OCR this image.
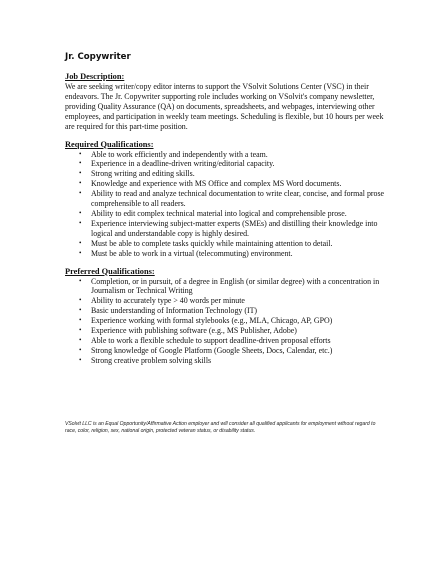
Jr. Copywriter
Job Description:

We are seeking writer/copy editor interns to support the VSolvit Solutions Center (VSC) in their endeavors. The Jr. Copywriter supporting role includes working on VSolvit's company newsletter, providing Quality Assurance (QA) on documents, spreadsheets, and webpages, interviewing other employees, and participation in weekly team meetings. Scheduling is flexible, but 10 hours per week are required for this part-time position.

Required Qualifications:
• Able to work efficiently and independently with a team.
• Experience in a deadline-driven writing/editorial capacity.
• Strong writing and editing skills.
• Knowledge and experience with MS Office and complex MS Word documents.
• Ability to read and analyze technical documentation to write clear, concise, and formal prose comprehensible to all readers.
• Ability to edit complex technical material into logical and comprehensible prose.
• Experience interviewing subject-matter experts (SMEs) and distilling their knowledge into logical and understandable copy is highly desired.
• Must be able to complete tasks quickly while maintaining attention to detail.
• Must be able to work in a virtual (telecommuting) environment.
Preferred Qualifications:
• Completion, or in pursuit, of a degree in English (or similar degree) with a concentration in Journalism or Technical Writing
• Ability to accurately type > 40 words per minute
• Basic understanding of Information Technology (IT)
• Experience working with formal stylebooks (e.g., MLA, Chicago, AP, GPO)
• Experience with publishing software (e.g., MS Publisher, Adobe)
• Able to work a flexible schedule to support deadline-driven proposal efforts
• Strong knowledge of Google Platform (Google Sheets, Docs, Calendar, etc.)
• Strong creative problem solving skills
VSolvit LLC is an Equal Opportunity/Affirmative Action employer and will consider all qualified applicants for employment without regard to race, color, religion, sex, national origin, protected veteran status, or disability status.
